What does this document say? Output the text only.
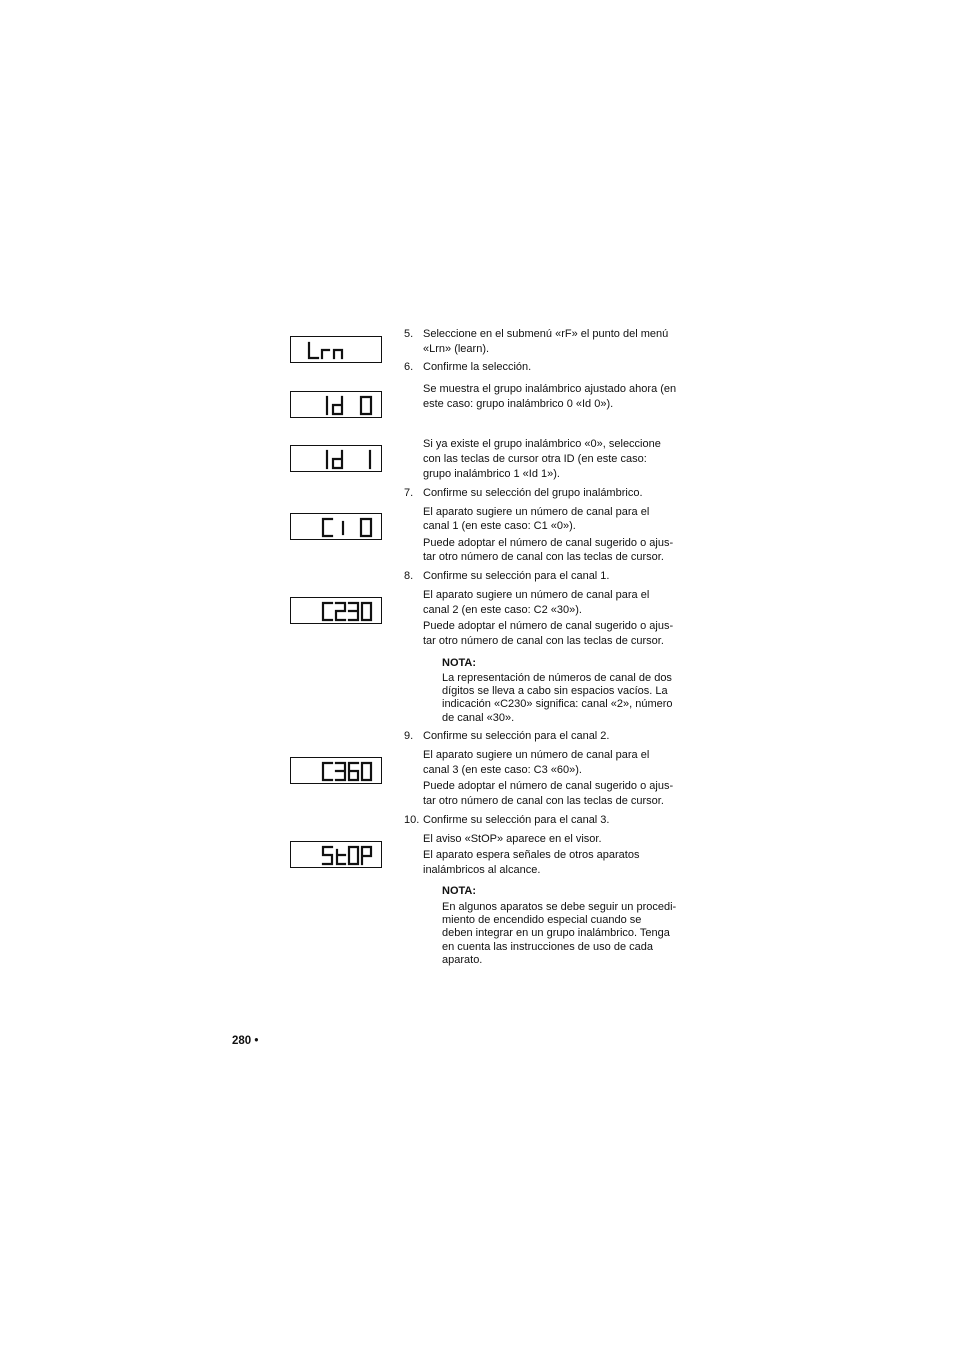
5. Seleccione en el submenú «rF» el punto del menú

«Lrn» (learn).

6. Confirme la selección.

Se muestra el grupo inalámbrico ajustado ahora (en

este caso: grupo inalámbrico 0 «Id 0»).

Si ya existe el grupo inalámbrico «0», seleccione

con las teclas de cursor otra ID (en este caso:

grupo inalámbrico 1 «Id 1»).

7. Confirme su selección del grupo inalámbrico.

El aparato sugiere un número de canal para el

canal 1 (en este caso: C1 «0»).

Puede adoptar el número de canal sugerido o ajus-

tar otro número de canal con las teclas de cursor.

8. Confirme su selección para el canal 1.

El aparato sugiere un número de canal para el

canal 2 (en este caso: C2 «30»).

Puede adoptar el número de canal sugerido o ajus-

tar otro número de canal con las teclas de cursor.

NOTA:

La representación de números de canal de dos

dígitos se lleva a cabo sin espacios vacíos. La

indicación «C230» significa: canal «2», número

de canal «30».

9. Confirme su selección para el canal 2.

El aparato sugiere un número de canal para el

canal 3 (en este caso: C3 «60»).

Puede adoptar el número de canal sugerido o ajus-

tar otro número de canal con las teclas de cursor.

10. Confirme su selección para el canal 3.

El aviso «StOP» aparece en el visor.

El aparato espera señales de otros aparatos

inalámbricos al alcance.

NOTA:

En algunos aparatos se debe seguir un procedi-

miento de encendido especial cuando se

deben integrar en un grupo inalámbrico. Tenga

en cuenta las instrucciones de uso de cada

aparato.

280 •
